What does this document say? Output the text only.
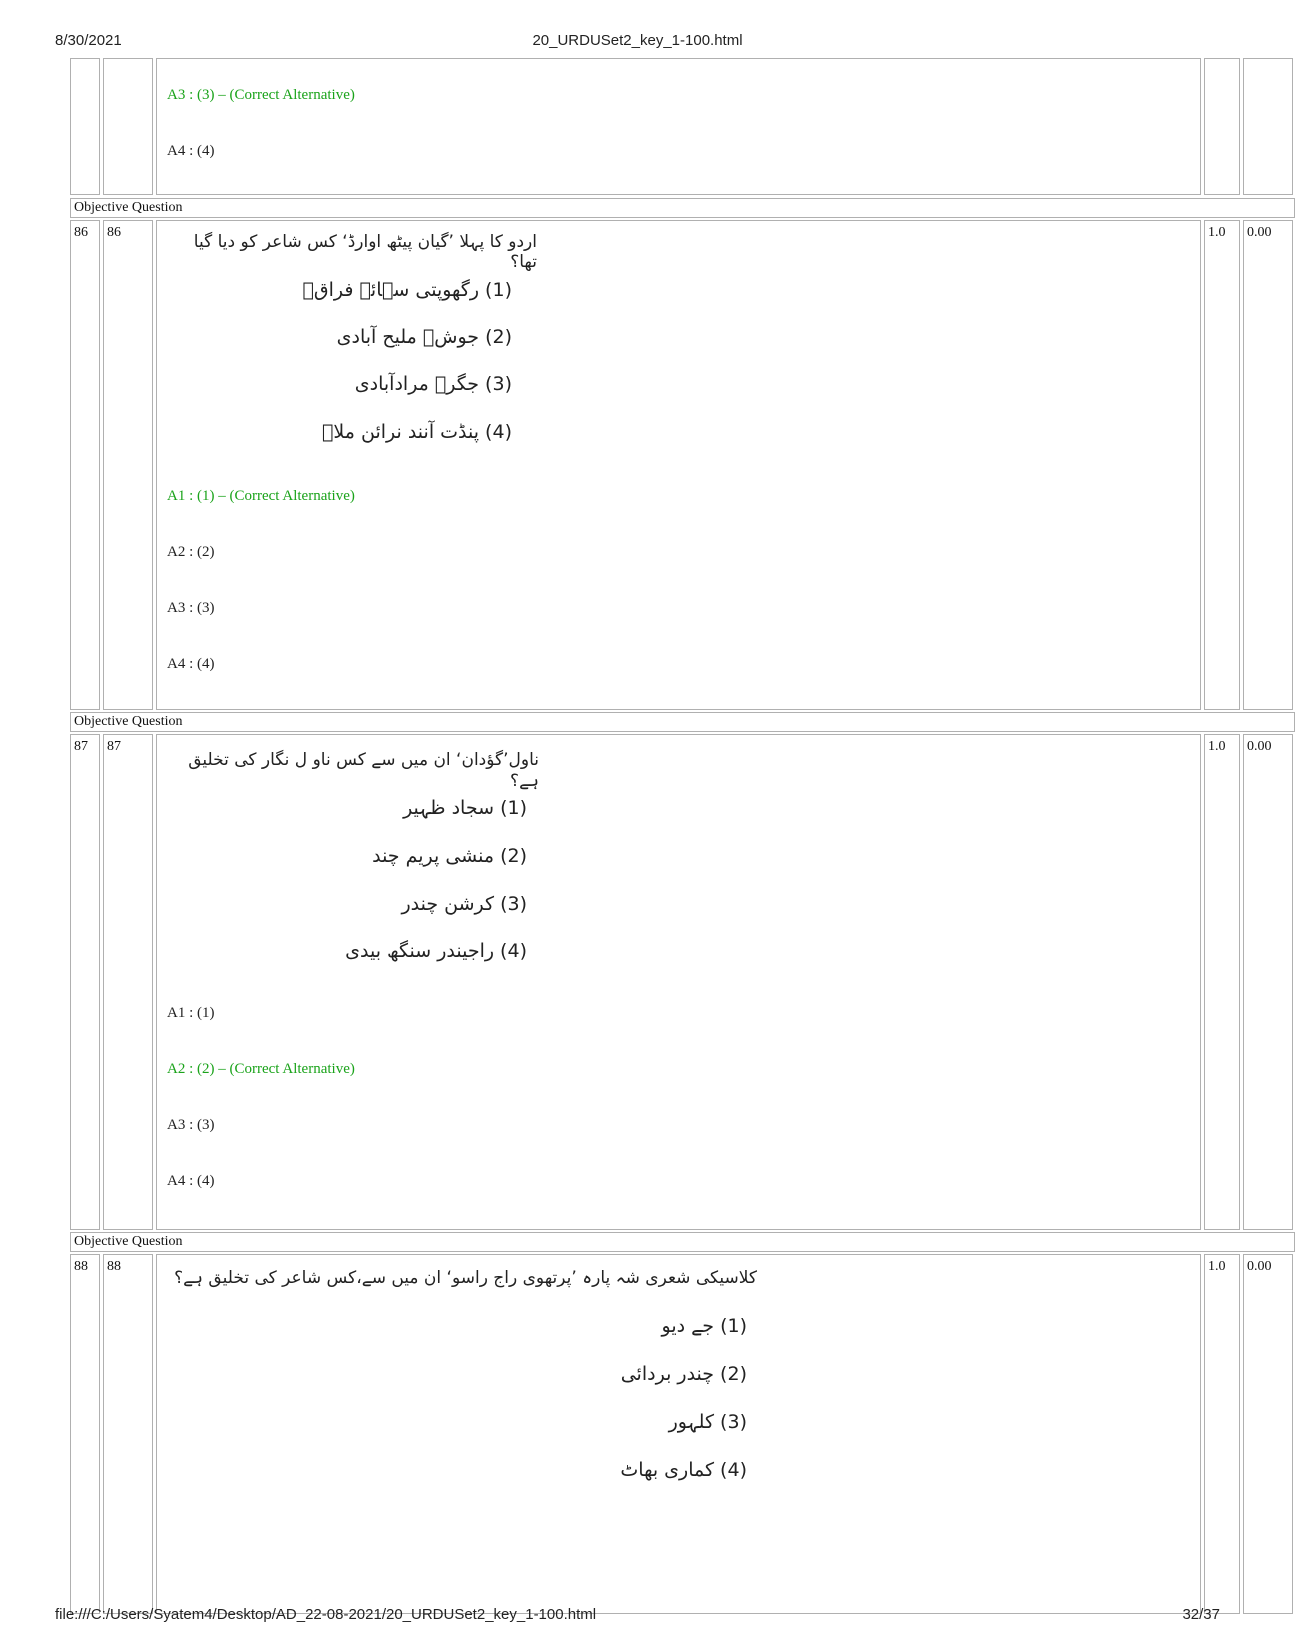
8/30/2021	20_URDUSet2_key_1-100.html
A3 : (3) – (Correct Alternative)
A4 : (4)
Objective Question
86	86	اردو کا پہلا ’گیان پیٹھ اوارڈ‘ کس شاعر کو دیا گیا تھا؟
(1) رگھوپتی سہائے فراقؔ
(2) جوشؔ ملیح آبادی
(3) جگرؔ مرادآبادی
(4) پنڈت آنند نرائن ملاؔ
A1 : (1) – (Correct Alternative)
A2 : (2)
A3 : (3)
A4 : (4)
1.0	0.00
Objective Question
87	87
ناول’گؤدان‘ ان میں سے کس ناو ل نگار کی تخلیق ہے؟
(1) سجاد ظہیر
(2) منشی پریم چند
(3) کرشن چندر
(4) راجیندر سنگھ بیدی
A1 : (1)
A2 : (2) – (Correct Alternative)
A3 : (3)
A4 : (4)
1.0	0.00
Objective Question
88	88
کلاسیکی شعری شہ پارہ ’پرتھوی راج راسو‘ ان میں سے،کس شاعر کی تخلیق ہے؟
(1) جے دیو
(2) چندر بردائی
(3) کلہور
(4) کماری بھاٹ
1.0	0.00
file:///C:/Users/Syatem4/Desktop/AD_22-08-2021/20_URDUSet2_key_1-100.html	32/37
